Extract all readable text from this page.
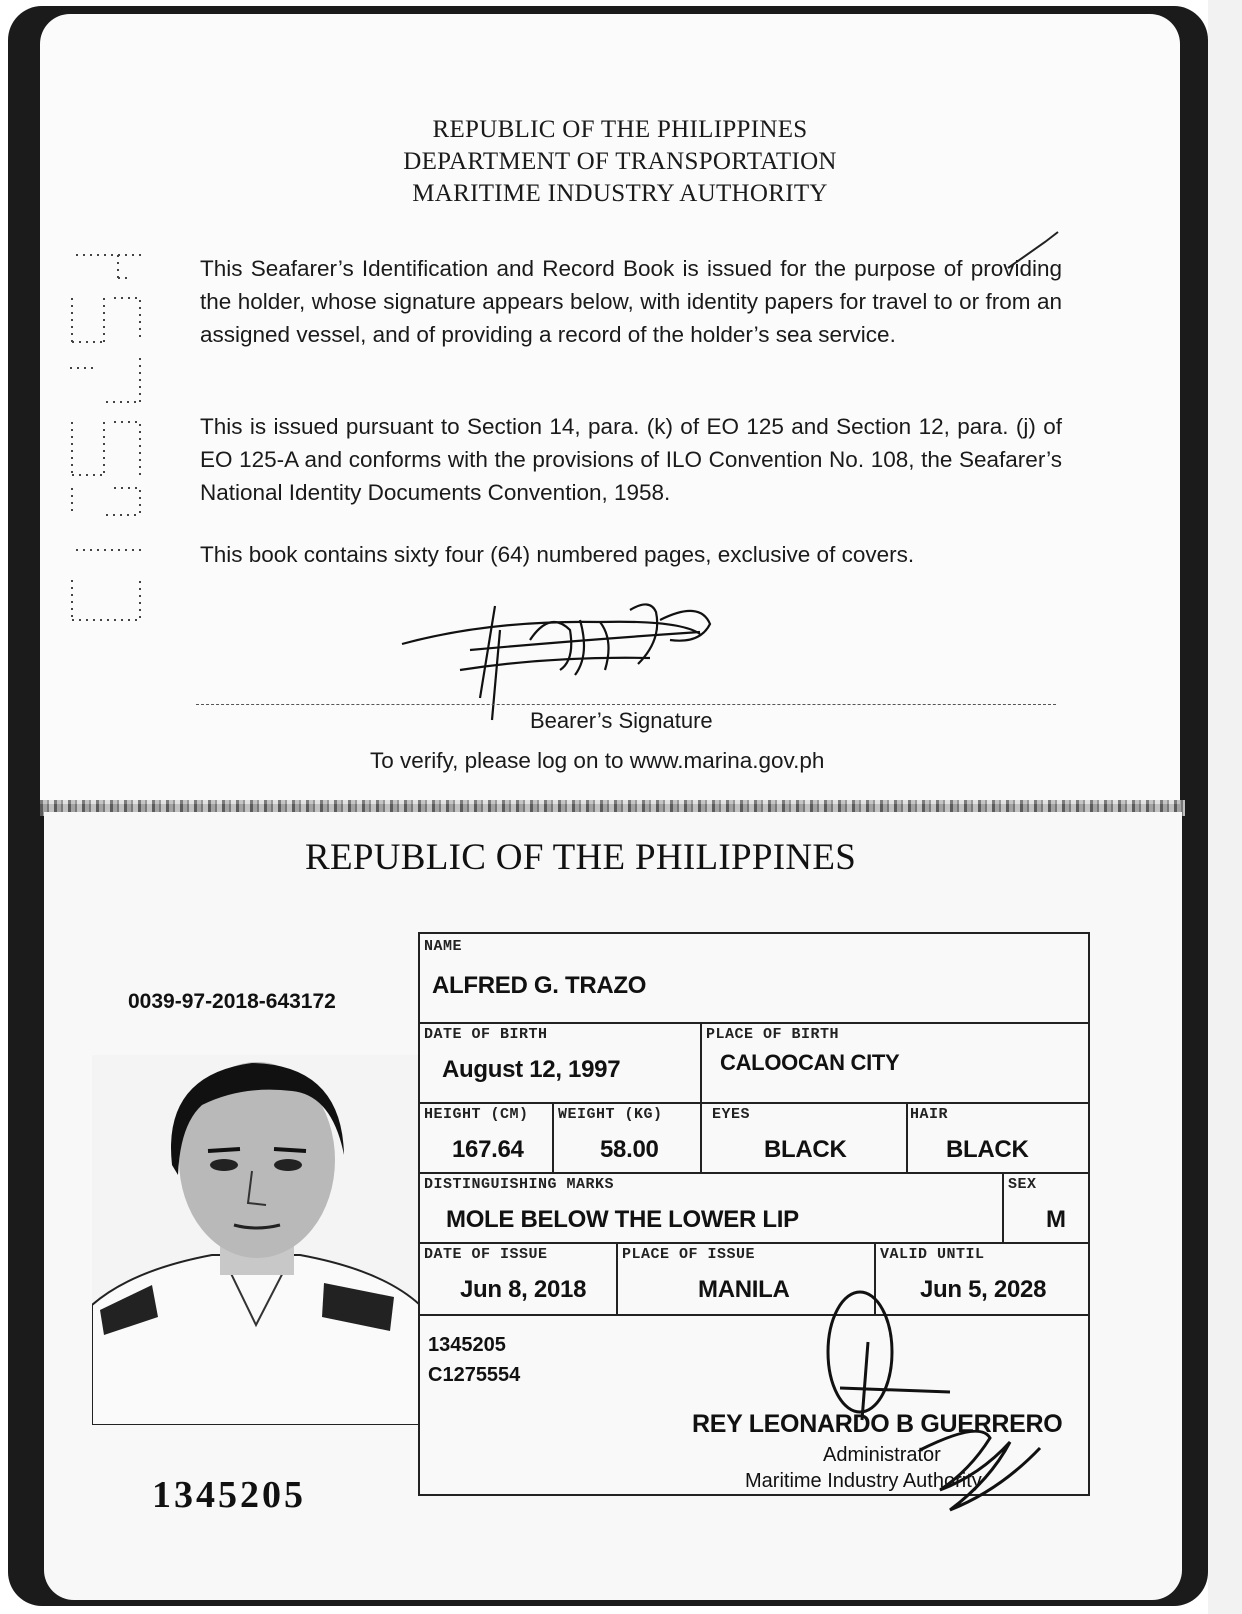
REPUBLIC OF THE PHILIPPINES
DEPARTMENT OF TRANSPORTATION
MARITIME INDUSTRY AUTHORITY
This Seafarer’s Identification and Record Book is issued for the purpose of providing the holder, whose signature appears below, with identity papers for travel to or from an assigned vessel, and of providing a record of the holder’s sea service.
This is issued pursuant to Section 14, para. (k) of EO 125 and Section 12, para. (j) of EO 125-A and conforms with the provisions of ILO Convention No. 108, the Seafarer’s National Identity Documents Convention, 1958.
This book contains sixty four (64) numbered pages, exclusive of covers.
Bearer’s Signature
To verify, please log on to www.marina.gov.ph
REPUBLIC OF THE PHILIPPINES
0039-97-2018-643172
1345205
NAME
ALFRED G. TRAZO
DATE OF BIRTH
August 12, 1997
PLACE OF BIRTH
CALOOCAN CITY
HEIGHT (CM)
167.64
WEIGHT (KG)
58.00
EYES
BLACK
HAIR
BLACK
DISTINGUISHING MARKS
MOLE BELOW THE LOWER LIP
SEX
M
DATE OF ISSUE
Jun 8, 2018
PLACE OF ISSUE
MANILA
VALID UNTIL
Jun 5, 2028
1345205
C1275554
REY LEONARDO B GUERRERO
Administrator
Maritime Industry Authority
